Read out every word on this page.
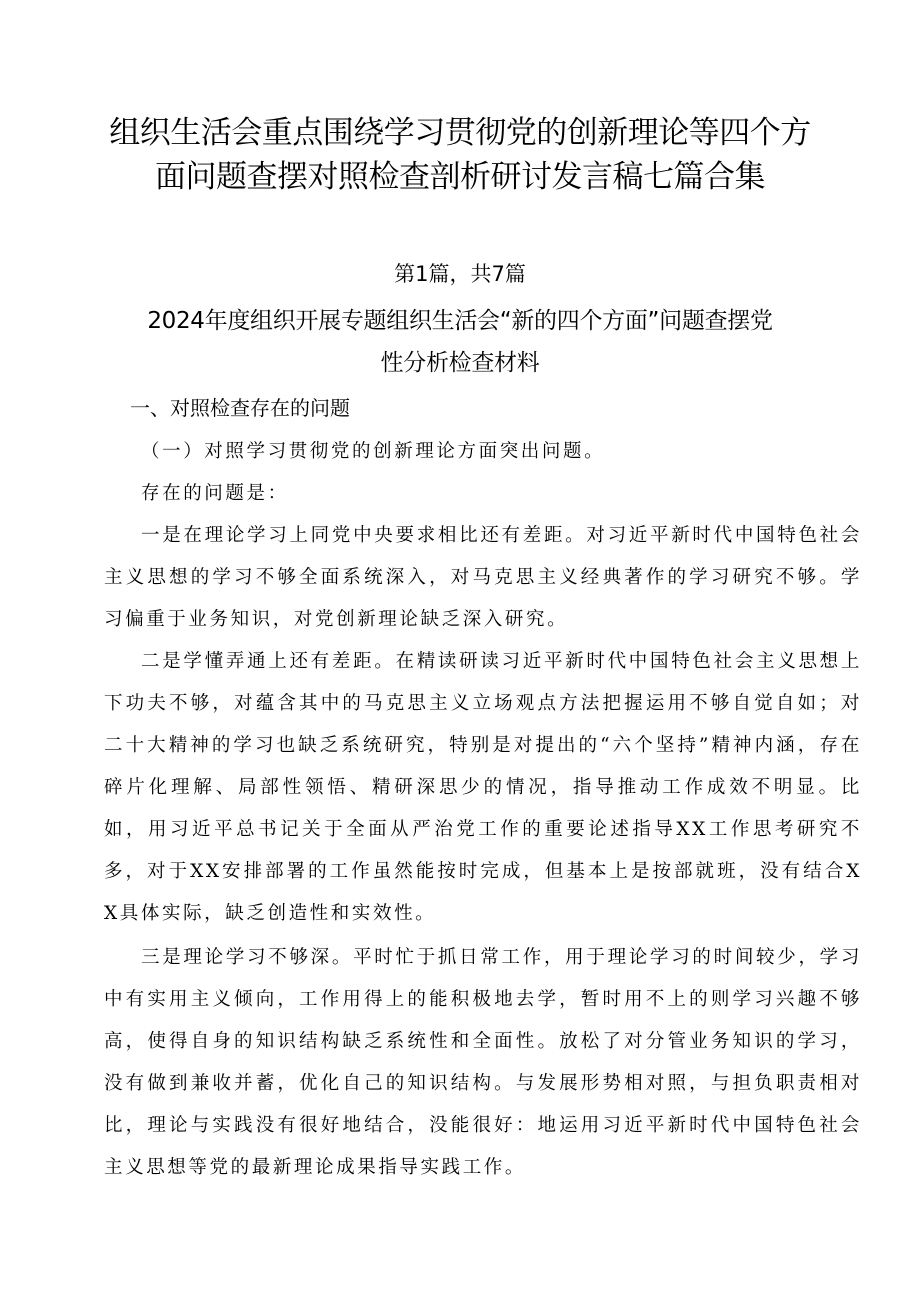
组织生活会重点围绕学习贯彻党的创新理论等四个方
面问题查摆对照检查剖析研讨发言稿七篇合集
第1篇，共7篇
2024年度组织开展专题组织生活会“新的四个方面”问题查摆党
性分析检查材料
一、对照检查存在的问题

（一）对照学习贯彻党的创新理论方面突出问题。

存在的问题是：

一是在理论学习上同党中央要求相比还有差距。对习近平新时代中国特色社会主义思想的学习不够全面系统深入，对马克思主义经典著作的学习研究不够。学习偏重于业务知识，对党创新理论缺乏深入研究。

二是学懂弄通上还有差距。在精读研读习近平新时代中国特色社会主义思想上下功夫不够，对蕴含其中的马克思主义立场观点方法把握运用不够自觉自如；对二十大精神的学习也缺乏系统研究，特别是对提出的“六个坚持”精神内涵，存在碎片化理解、局部性领悟、精研深思少的情况，指导推动工作成效不明显。比如，用习近平总书记关于全面从严治党工作的重要论述指导XX工作思考研究不多，对于XX安排部署的工作虽然能按时完成，但基本上是按部就班，没有结合XX具体实际，缺乏创造性和实效性。

三是理论学习不够深。平时忙于抓日常工作，用于理论学习的时间较少，学习中有实用主义倾向，工作用得上的能积极地去学，暂时用不上的则学习兴趣不够高，使得自身的知识结构缺乏系统性和全面性。放松了对分管业务知识的学习，没有做到兼收并蓄，优化自己的知识结构。与发展形势相对照，与担负职责相对比，理论与实践没有很好地结合，没能很好：地运用习近平新时代中国特色社会主义思想等党的最新理论成果指导实践工作。
